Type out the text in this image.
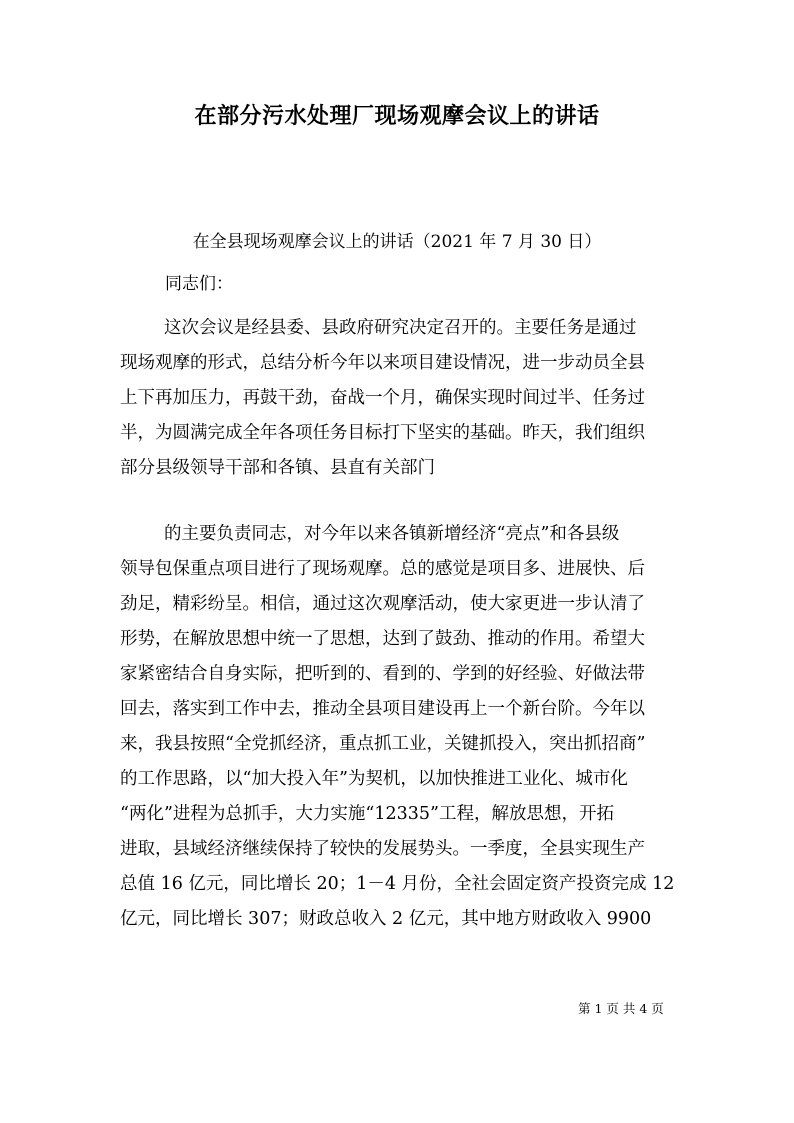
在部分污水处理厂现场观摩会议上的讲话
在全县现场观摩会议上的讲话（2021 年 7 月 30 日）
同志们：
这次会议是经县委、县政府研究决定召开的。主要任务是通过
现场观摩的形式，总结分析今年以来项目建设情况，进一步动员全县
上下再加压力，再鼓干劲，奋战一个月，确保实现时间过半、任务过
半，为圆满完成全年各项任务目标打下坚实的基础。昨天，我们组织
部分县级领导干部和各镇、县直有关部门
的主要负责同志，对今年以来各镇新增经济“亮点”和各县级
领导包保重点项目进行了现场观摩。总的感觉是项目多、进展快、后
劲足，精彩纷呈。相信，通过这次观摩活动，使大家更进一步认清了
形势，在解放思想中统一了思想，达到了鼓劲、推动的作用。希望大
家紧密结合自身实际，把听到的、看到的、学到的好经验、好做法带
回去，落实到工作中去，推动全县项目建设再上一个新台阶。今年以
来，我县按照“全党抓经济，重点抓工业，关键抓投入，突出抓招商”
的工作思路，以“加大投入年”为契机，以加快推进工业化、城市化
“两化”进程为总抓手，大力实施“12335”工程，解放思想，开拓
进取，县域经济继续保持了较快的发展势头。一季度，全县实现生产
总值 16 亿元，同比增长 20；1－4 月份，全社会固定资产投资完成 12
亿元，同比增长 307；财政总收入 2 亿元，其中地方财政收入 9900
第 1 页 共 4 页
